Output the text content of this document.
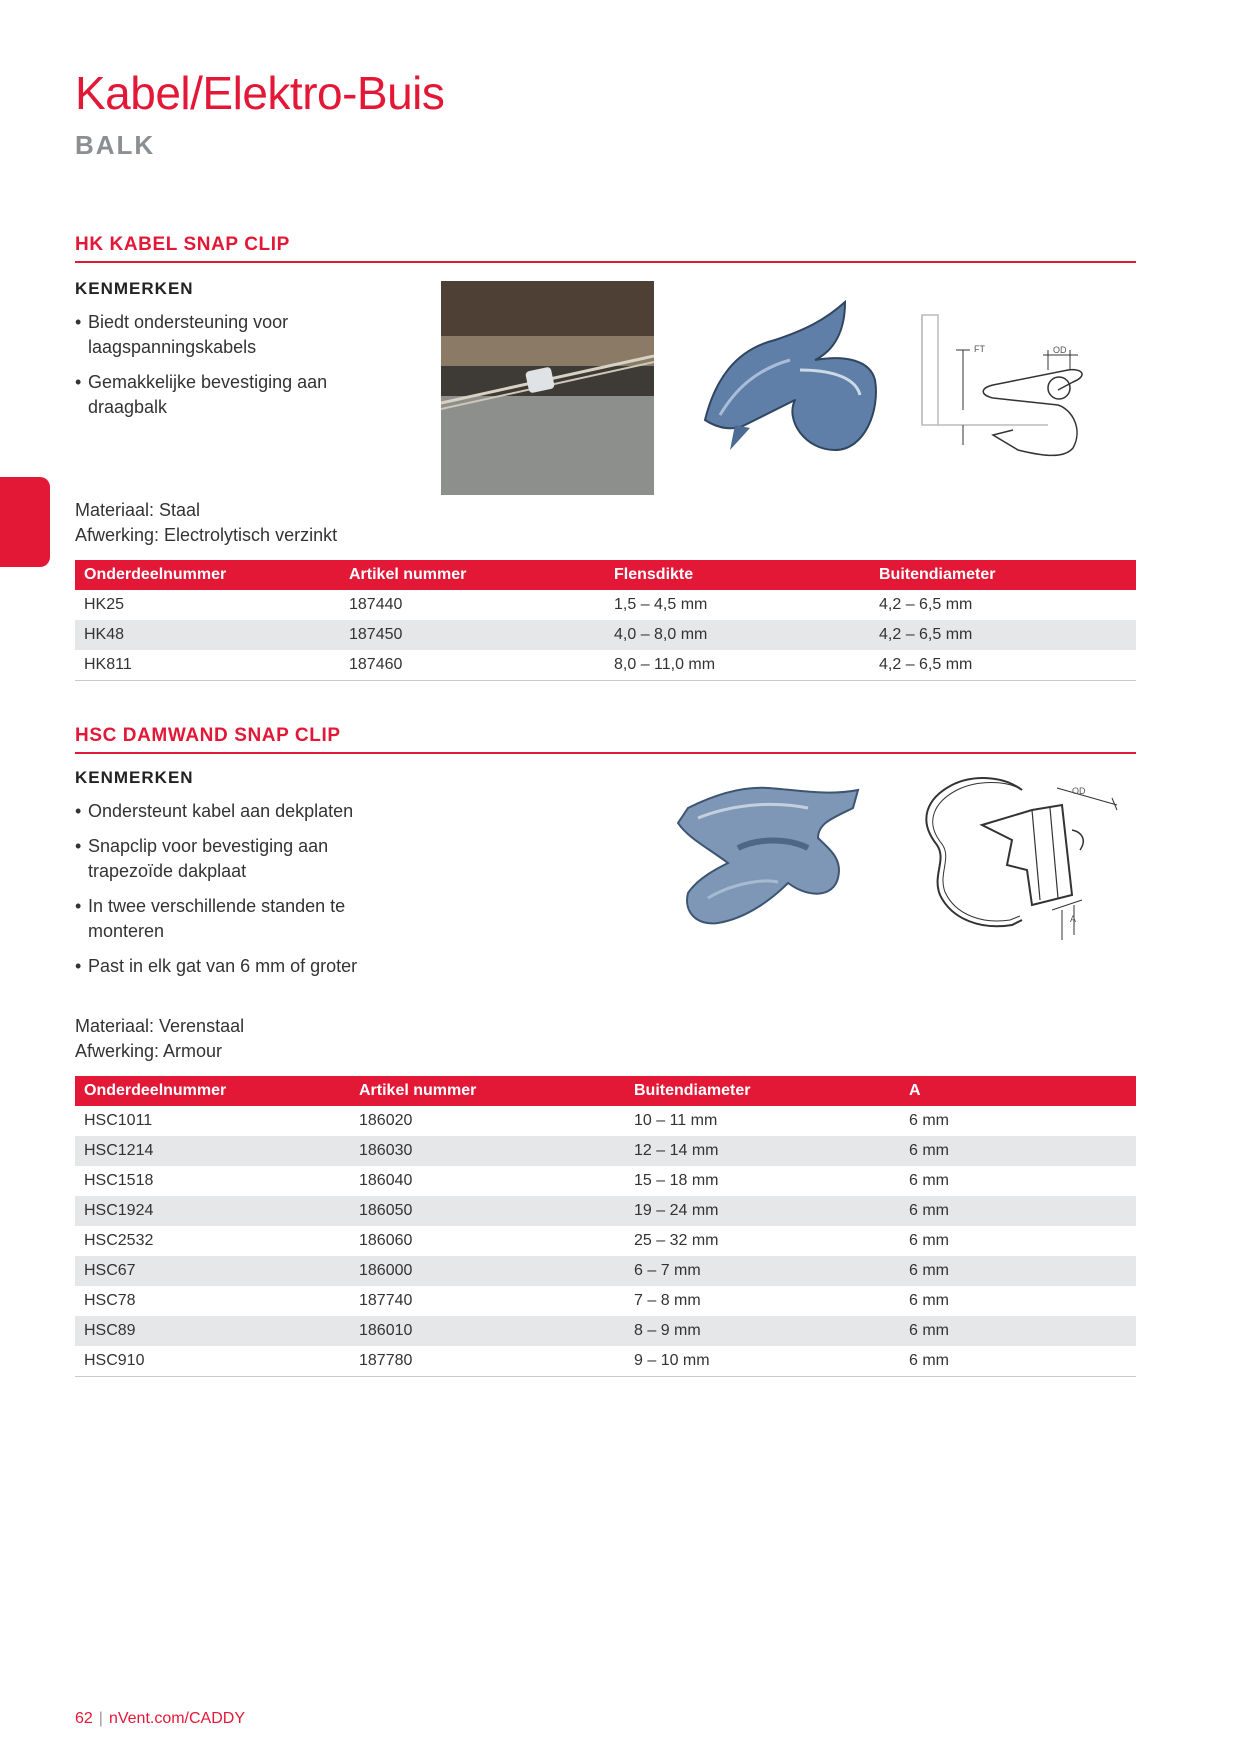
Kabel/Elektro-Buis
BALK
HK KABEL SNAP CLIP
KENMERKEN
• Biedt ondersteuning voor laagspanningskabels
• Gemakkelijke bevestiging aan draagbalk
FT	OD
Materiaal: Staal
Afwerking: Electrolytisch verzinkt
Onderdeelnummer	Artikel nummer	Flensdikte	Buitendiameter
HK25	187440	1,5 – 4,5 mm	4,2 – 6,5 mm
HK48	187450	4,0 – 8,0 mm	4,2 – 6,5 mm
HK811	187460	8,0 – 11,0 mm	4,2 – 6,5 mm
HSC DAMWAND SNAP CLIP
KENMERKEN
• Ondersteunt kabel aan dekplaten
• Snapclip voor bevestiging aan trapezoïde dakplaat
• In twee verschillende standen te monteren
• Past in elk gat van 6 mm of groter
OD
A
Materiaal: Verenstaal
Afwerking: Armour
Onderdeelnummer	Artikel nummer	Buitendiameter	A
HSC1011	186020	10 – 11 mm	6 mm
HSC1214	186030	12 – 14 mm	6 mm
HSC1518	186040	15 – 18 mm	6 mm
HSC1924	186050	19 – 24 mm	6 mm
HSC2532	186060	25 – 32 mm	6 mm
HSC67	186000	6 – 7 mm	6 mm
HSC78	187740	7 – 8 mm	6 mm
HSC89	186010	8 – 9 mm	6 mm
HSC910	187780	9 – 10 mm	6 mm
62 | nVent.com/CADDY
